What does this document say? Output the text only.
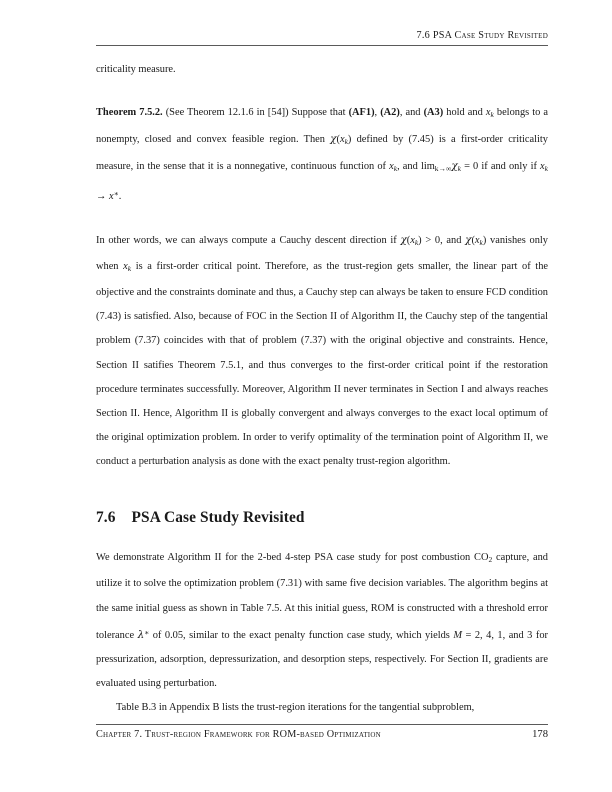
7.6 PSA Case Study Revisited

criticality measure.

Theorem 7.5.2. (See Theorem 12.1.6 in [54]) Suppose that (AF1), (A2), and (A3) hold and $x_k$ belongs to a nonempty, closed and convex feasible region. Then $\chi(x_k)$ defined by (7.45) is a first-order criticality measure, in the sense that it is a nonnegative, continuous function of $x_k$, and $\lim_{k\to\infty}\chi_k = 0$ if and only if $x_k \to x^∗$.

In other words, we can always compute a Cauchy descent direction if $\chi(x_k) > 0$, and $\chi(x_k)$ vanishes only when $x_k$ is a first-order critical point. Therefore, as the trust-region gets smaller, the linear part of the objective and the constraints dominate and thus, a Cauchy step can always be taken to ensure FCD condition (7.43) is satisfied. Also, because of FOC in the Section II of Algorithm II, the Cauchy step of the tangential problem (7.37) coincides with that of problem (7.37) with the original objective and constraints. Hence, Section II satifies Theorem 7.5.1, and thus converges to the first-order critical point if the restoration procedure terminates successfully. Moreover, Algorithm II never terminates in Section I and always reaches Section II. Hence, Algorithm II is globally convergent and always converges to the exact local optimum of the original optimization problem. In order to verify optimality of the termination point of Algorithm II, we conduct a perturbation analysis as done with the exact penalty trust-region algorithm.

7.6 PSA Case Study Revisited

We demonstrate Algorithm II for the 2-bed 4-step PSA case study for post combustion $CO_2$ capture, and utilize it to solve the optimization problem (7.31) with same five decision variables. The algorithm begins at the same initial guess as shown in Table 7.5. At this initial guess, ROM is constructed with a threshold error tolerance λ∗ of 0.05, similar to the exact penalty function case study, which yields M = 2, 4, 1, and 3 for pressurization, adsorption, depressurization, and desorption steps, respectively. For Section II, gradients are evaluated using perturbation.

Table B.3 in Appendix B lists the trust-region iterations for the tangential subproblem,

Chapter 7. Trust-region Framework for ROM-based Optimization	178
